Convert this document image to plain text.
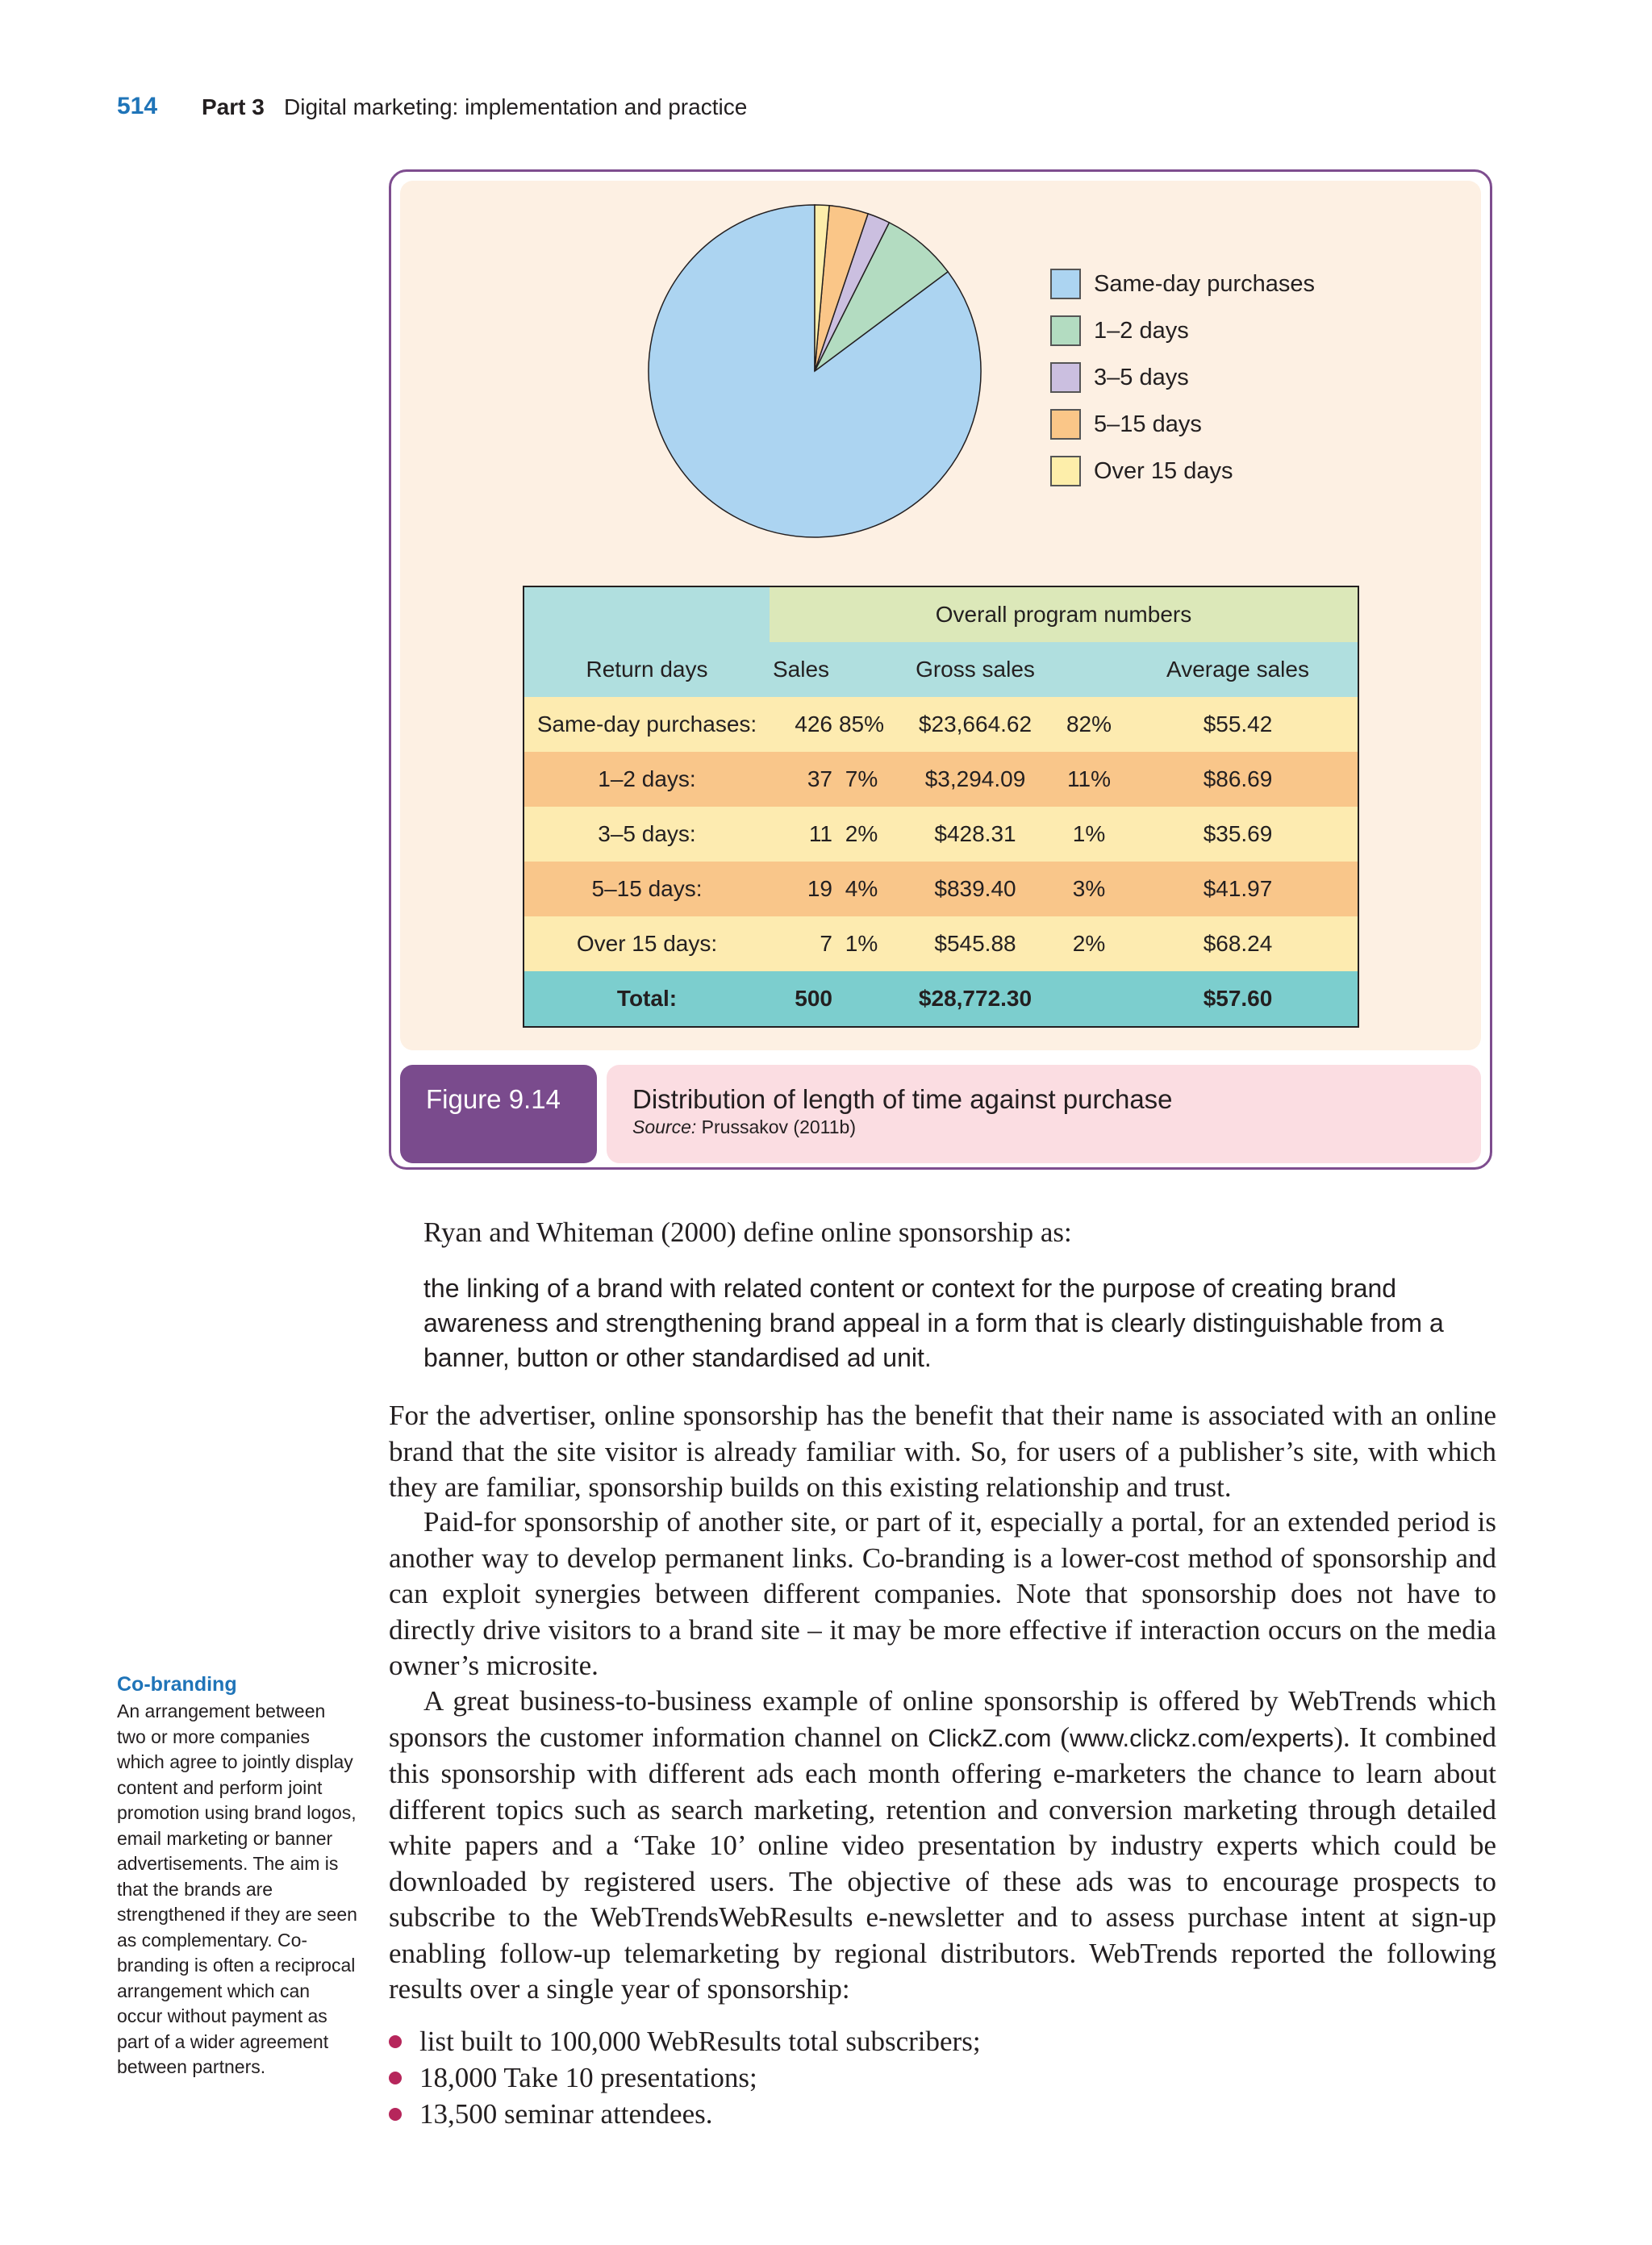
514 Part 3 Digital marketing: implementation and practice
Same-day purchases
1–2 days
3–5 days
5–15 days
Over 15 days
	Overall program numbers				
Return days	Sales		Gross sales		Average sales
Same-day purchases:	426	85%	$23,664.62	82%	$55.42
1–2 days:	37	7%	$3,294.09	11%	$86.69
3–5 days:	11	2%	$428.31	1%	$35.69
5–15 days:	19	4%	$839.40	3%	$41.97
Over 15 days:	7	1%	$545.88	2%	$68.24
Total:	500		$28,772.30		$57.60
Figure 9.14	Distribution of length of time against purchase
Source: Prussakov (2011b)
Ryan and Whiteman (2000) define online sponsorship as:
the linking of a brand with related content or context for the purpose of creating brand awareness and strengthening brand appeal in a form that is clearly distinguishable from a banner, button or other standardised ad unit.

For the advertiser, online sponsorship has the benefit that their name is associated with an online brand that the site visitor is already familiar with. So, for users of a publisher’s site, with which they are familiar, sponsorship builds on this existing relationship and trust.

Paid-for sponsorship of another site, or part of it, especially a portal, for an extended period is another way to develop permanent links. Co-branding is a lower-cost method of sponsorship and can exploit synergies between different companies. Note that sponsorship does not have to directly drive visitors to a brand site – it may be more effective if interaction occurs on the media owner’s microsite.

A great business-to-business example of online sponsorship is offered by WebTrends which sponsors the customer information channel on ClickZ.com (www.clickz.com/experts). It combined this sponsorship with different ads each month offering e-marketers the chance to learn about different topics such as search marketing, retention and conversion marketing through detailed white papers and a ‘Take 10’ online video presentation by industry experts which could be downloaded by registered users. The objective of these ads was to encourage prospects to subscribe to the WebTrendsWebResults e-newsletter and to assess purchase intent at sign-up enabling follow-up telemarketing by regional distributors. WebTrends reported the following results over a single year of sponsorship:

list built to 100,000 WebResults total subscribers;
18,000 Take 10 presentations;
13,500 seminar attendees.
Co-branding
An arrangement between two or more companies which agree to jointly display content and perform joint promotion using brand logos, email marketing or banner advertisements. The aim is that the brands are strengthened if they are seen as complementary. Co-branding is often a reciprocal arrangement which can occur without payment as part of a wider agreement between partners.
